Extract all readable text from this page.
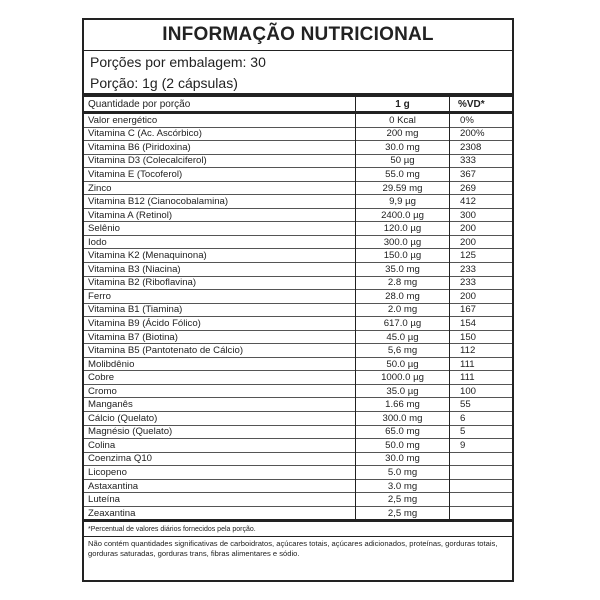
INFORMAÇÃO NUTRICIONAL
Porções por embalagem: 30
Porção: 1g (2 cápsulas)
Quantidade por porção	1 g	%VD*
Valor energético	0 Kcal	0%
Vitamina C (Ac. Ascórbico)	200 mg	200%
Vitamina B6 (Piridoxina)	30.0 mg	2308
Vitamina D3 (Colecalciferol)	50 µg	333
Vitamina E (Tocoferol)	55.0 mg	367
Zinco	29.59 mg	269
Vitamina B12 (Cianocobalamina)	9,9 µg	412
Vitamina A (Retinol)	2400.0 µg	300
Selênio	120.0 µg	200
Iodo	300.0 µg	200
Vitamina K2 (Menaquinona)	150.0 µg	125
Vitamina B3 (Niacina)	35.0 mg	233
Vitamina B2 (Riboflavina)	2.8 mg	233
Ferro	28.0 mg	200
Vitamina B1 (Tiamina)	2.0 mg	167
Vitamina B9 (Ácido Fólico)	617.0 µg	154
Vitamina B7 (Biotina)	45.0 µg	150
Vitamina B5 (Pantotenato de Cálcio)	5,6 mg	112
Molibdênio	50.0 µg	111
Cobre	1000.0 µg	111
Cromo	35.0 µg	100
Manganês	1.66 mg	55
Cálcio (Quelato)	300.0 mg	6
Magnésio (Quelato)	65.0 mg	5
Colina	50.0 mg	9
Coenzima Q10	30.0 mg	
Licopeno	5.0 mg	
Astaxantina	3.0 mg	
Luteína	2,5 mg	
Zeaxantina	2,5 mg	
*Percentual de valores diários fornecidos pela porção.
Não contém quantidades significativas de carboidratos, açúcares totais, açúcares adicionados, proteínas, gorduras totais, gorduras saturadas, gorduras trans, fibras alimentares e sódio.
